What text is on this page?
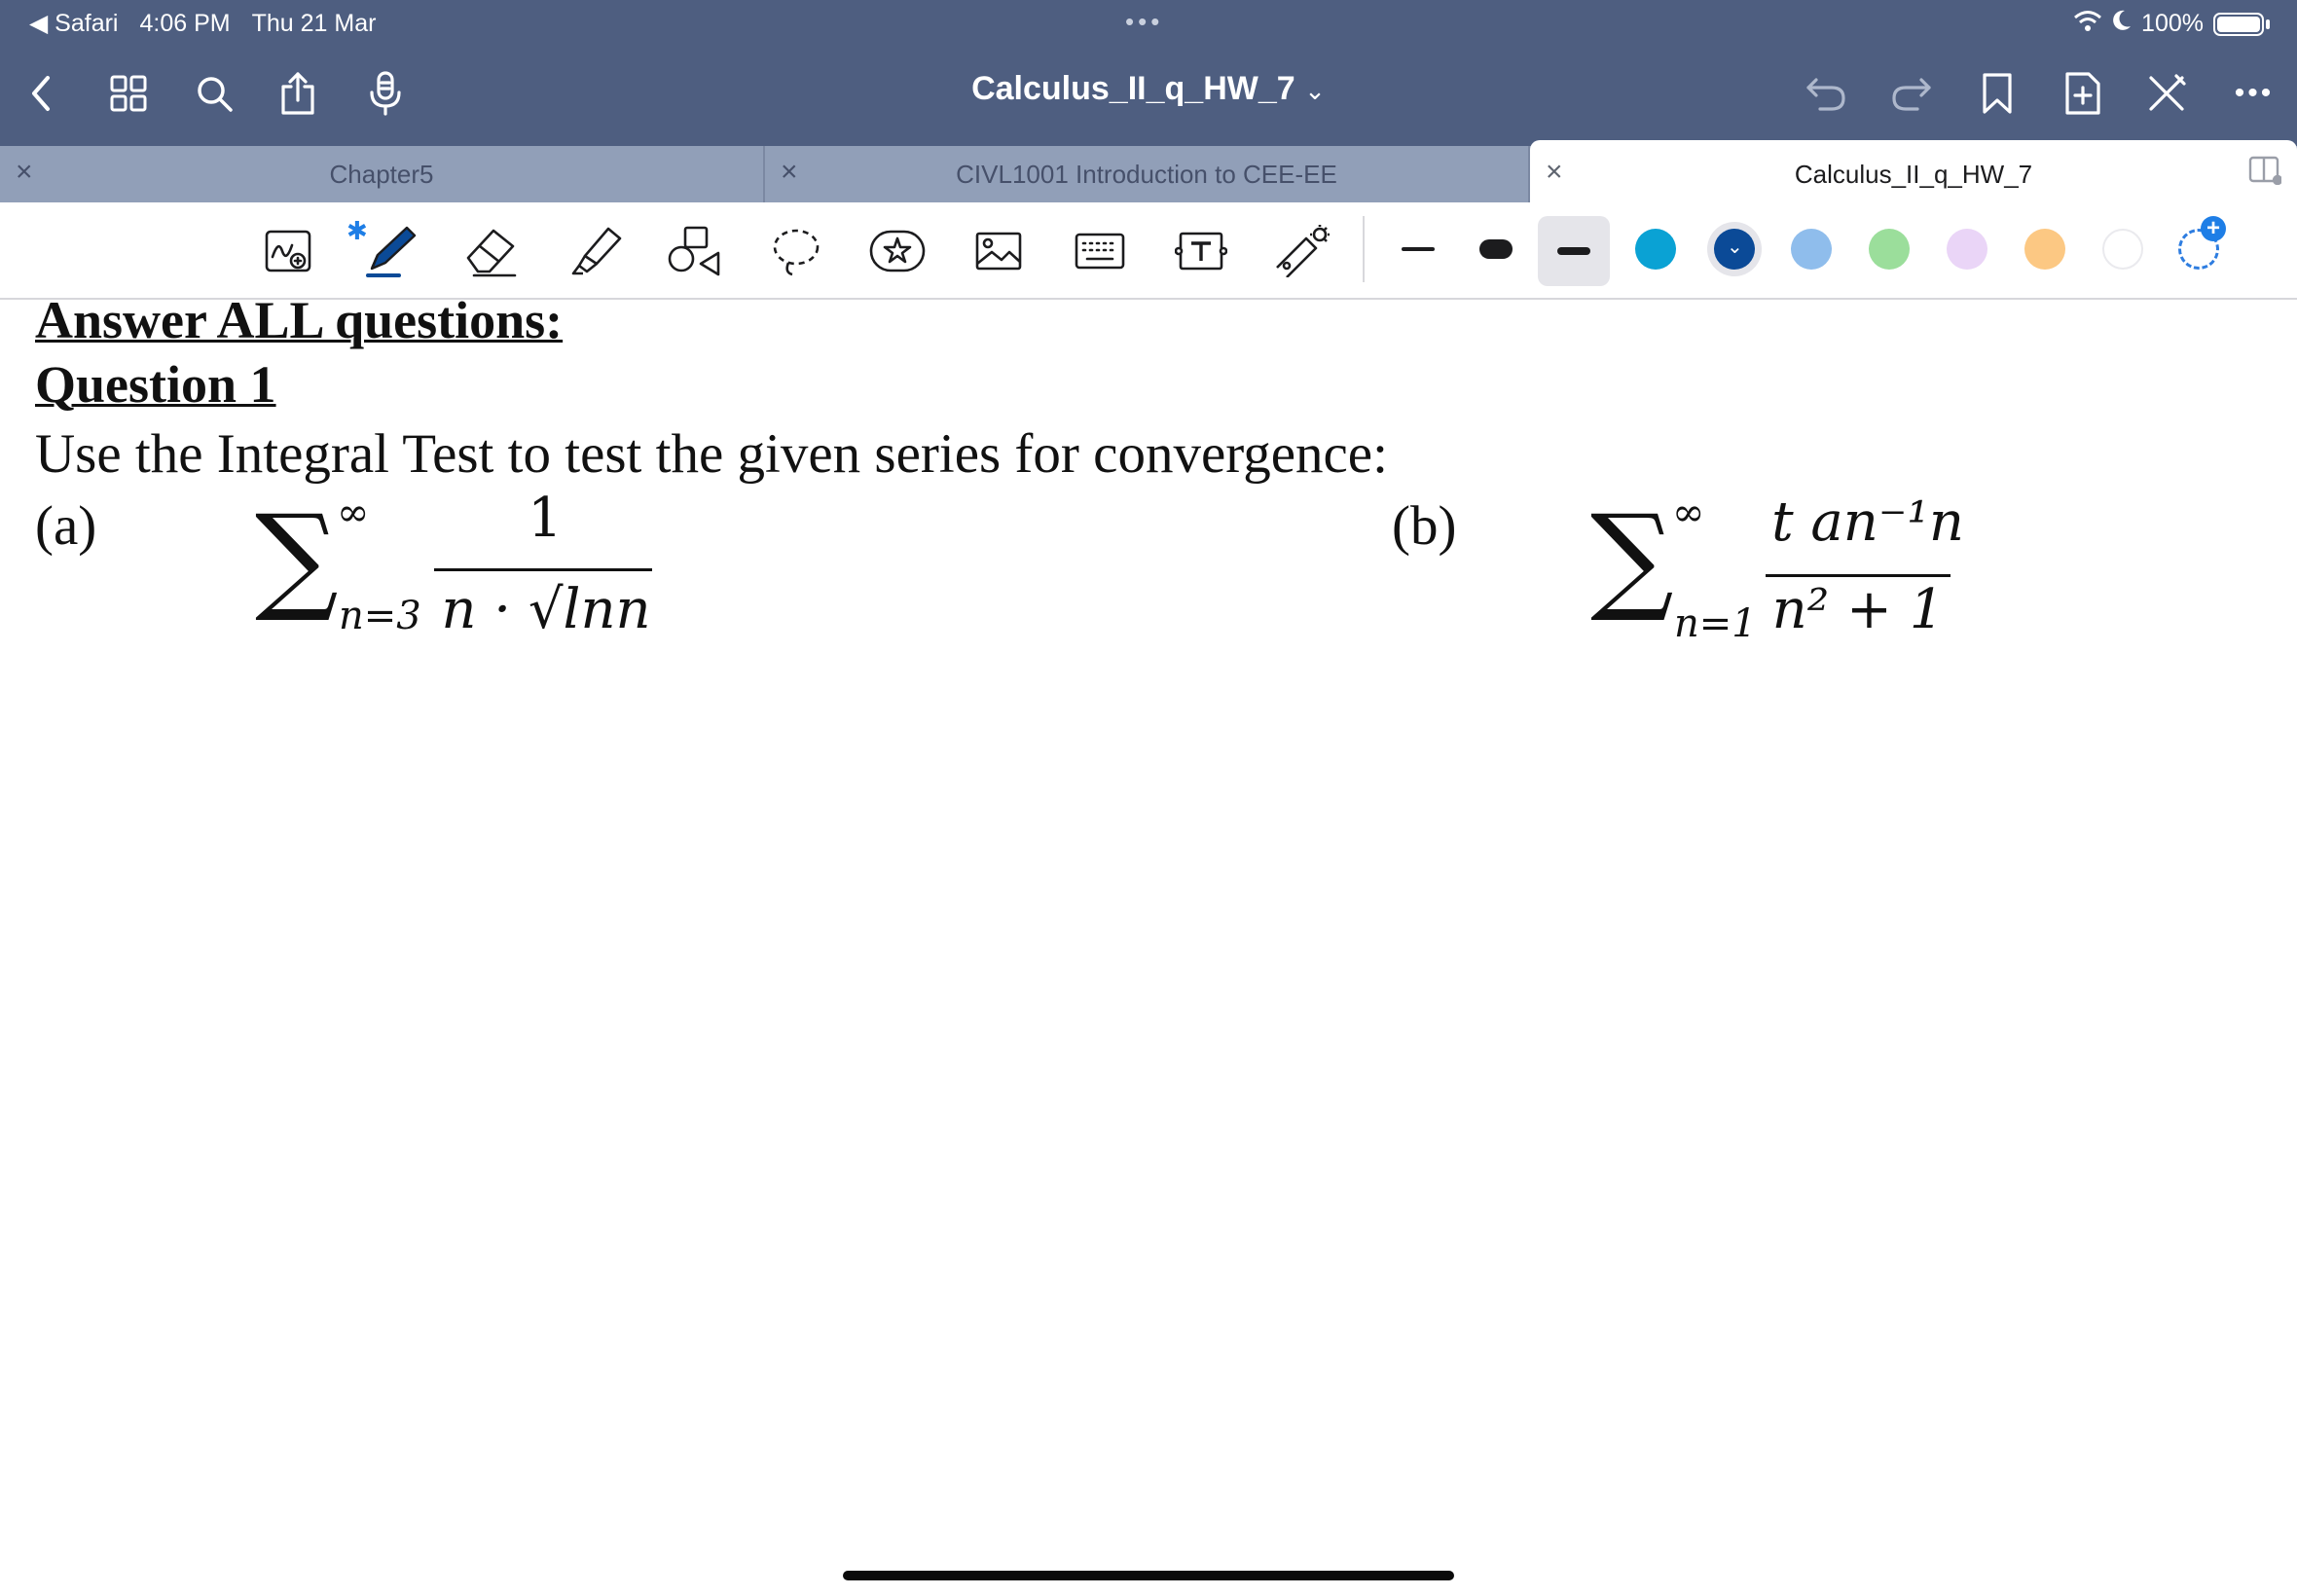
◀ Safari 4:06 PM Thu 21 Mar	•••	100%
Calculus_II_q_HW_7 ⌄	•••
×	Chapter5	×	CIVL1001 Introduction to CEE-EE	×	Calculus_II_q_HW_7
✱
⌄
+
Answer ALL questions:
Question 1
Use the Integral Test to test the given series for convergence:
(a) ∑
∞
n=3
1
n · √lnn
(b) ∑
∞
n=1
t an⁻¹n
n² + 1
